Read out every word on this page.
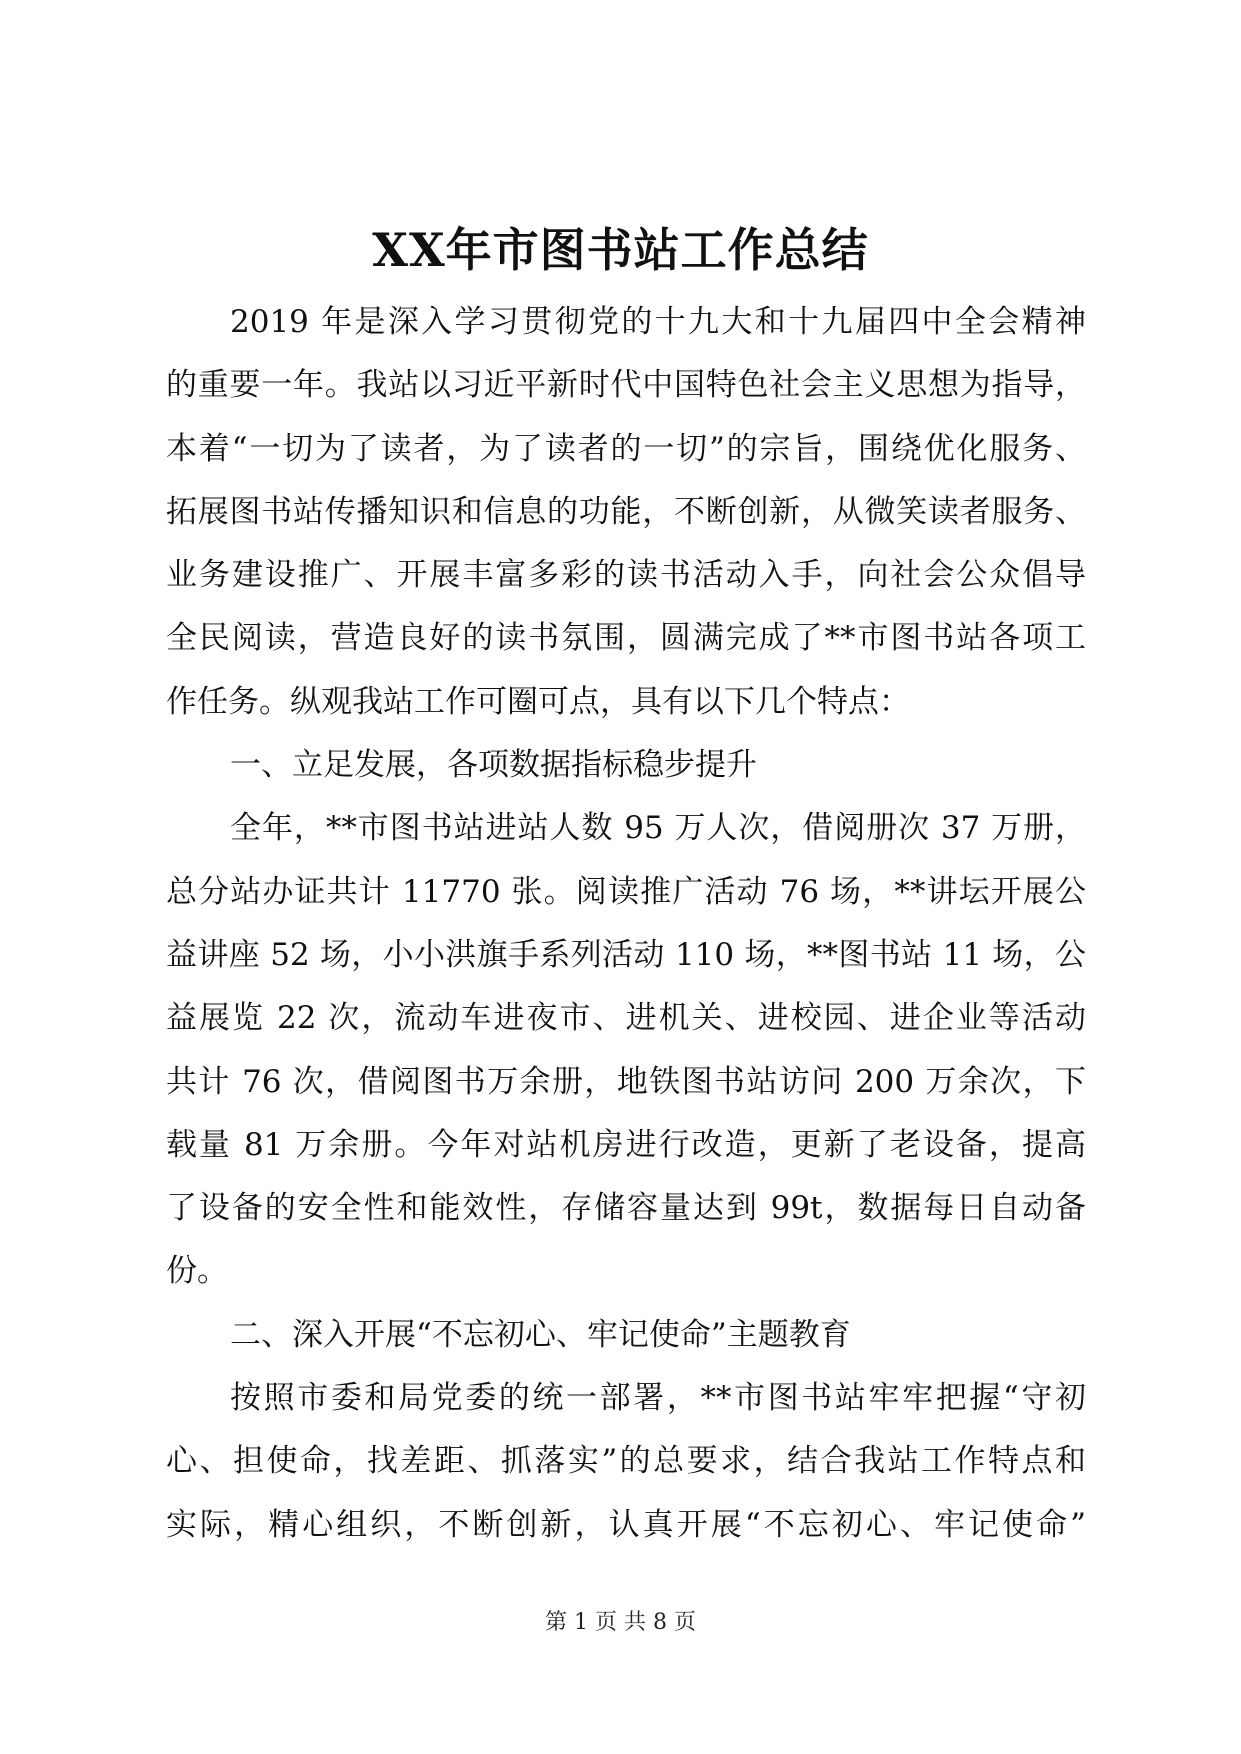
XX年市图书站工作总结
2019 年是深入学习贯彻党的十九大和十九届四中全会精神
的重要一年。我站以习近平新时代中国特色社会主义思想为指导，
本着“一切为了读者，为了读者的一切”的宗旨，围绕优化服务、
拓展图书站传播知识和信息的功能，不断创新，从微笑读者服务、
业务建设推广、开展丰富多彩的读书活动入手，向社会公众倡导
全民阅读，营造良好的读书氛围，圆满完成了**市图书站各项工
作任务。纵观我站工作可圈可点，具有以下几个特点：
一、立足发展，各项数据指标稳步提升
全年，**市图书站进站人数 95 万人次，借阅册次 37 万册，
总分站办证共计 11770 张。阅读推广活动 76 场，**讲坛开展公
益讲座 52 场，小小洪旗手系列活动 110 场，**图书站 11 场，公
益展览 22 次，流动车进夜市、进机关、进校园、进企业等活动
共计 76 次，借阅图书万余册，地铁图书站访问 200 万余次，下
载量 81 万余册。今年对站机房进行改造，更新了老设备，提高
了设备的安全性和能效性，存储容量达到 99t，数据每日自动备
份。
二、深入开展“不忘初心、牢记使命”主题教育
按照市委和局党委的统一部署，**市图书站牢牢把握“守初
心、担使命，找差距、抓落实”的总要求，结合我站工作特点和
实际，精心组织，不断创新，认真开展“不忘初心、牢记使命”
第 1 页 共 8 页
